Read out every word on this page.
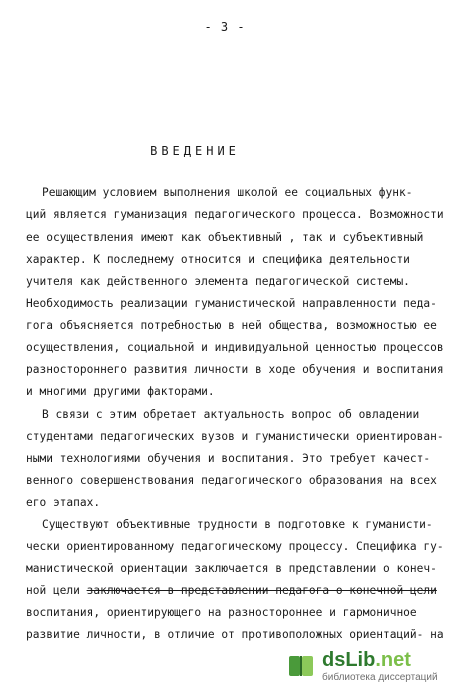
- 3 -
ВВЕДЕНИЕ
Решающим условием выполнения школой ее социальных функ-
ций является гуманизация педагогического процесса. Возможности
ее осуществления имеют как объективный , так и субъективный
характер. К последнему относится и специфика деятельности
учителя как действенного элемента педагогической системы.
Необходимость реализации гуманистической направленности педа-
гога объясняется потребностью в ней общества, возможностью ее
осуществления, социальной и индивидуальной ценностью процессов
разностороннего развития личности в ходе обучения и воспитания
и многими другими факторами.
В связи с этим обретает актуальность вопрос об овладении
студентами педагогических вузов и гуманистически ориентирован-
ными технологиями обучения и воспитания. Это требует качест-
венного совершенствования педагогического образования на всех
его этапах.
Существуют объективные трудности в подготовке к гуманисти-
чески ориентированному педагогическому процессу. Специфика гу-
манистической ориентации заключается в представлении о конеч-
ной цели заключается в представлении педагога о конечной цели
воспитания, ориентирующего на разностороннее и гармоничное
развитие личности, в отличие от противоположных ориентаций- на
dsLib.net
библиотека диссертаций
